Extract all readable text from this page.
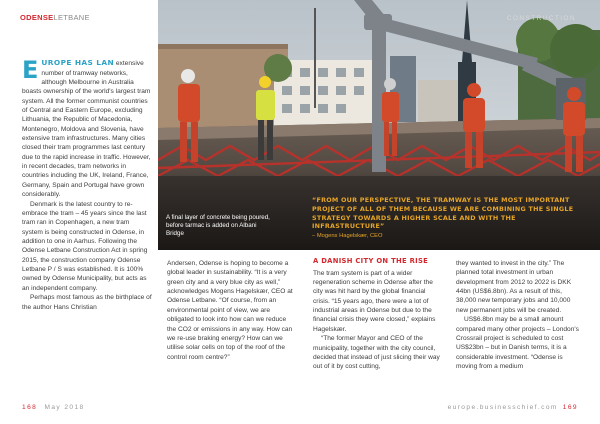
ODENSELETBANE	CONSTRUCTION
A final layer of concrete being poured, before tarmac is added on Albani Bridge
“FROM OUR PERSPECTIVE, THE TRAMWAY IS THE MOST IMPORTANT PROJECT OF ALL OF THEM BECAUSE WE ARE COMBINING THE SINGLE STRATEGY TOWARDS A HIGHER SCALE AND WITH THE INFRASTRUCTURE”
– Mogens Hagelskær, CEO

EUROPE HAS LAN extensive number of tramway networks, although Melbourne in Australia boasts ownership of the world's largest tram system. All the former communist countries of Central and Eastern Europe, excluding Lithuania, the Republic of Macedonia, Montenegro, Moldova and Slovenia, have extensive tram infrastructures. Many cities closed their tram programmes last century due to the rapid increase in traffic. However, in recent decades, tram networks in countries including the UK, Ireland, France, Germany, Spain and Portugal have grown considerably.

Denmark is the latest country to re-embrace the tram – 45 years since the last tram ran in Copenhagen, a new tram system is being constructed in Odense, in addition to one in Aarhus. Following the Odense Letbane Construction Act in spring 2015, the construction company Odense Letbane P / S was established. It is 100% owned by Odense Municipality, but acts as an independent company.

Perhaps most famous as the birthplace of the author Hans Christian

Andersen, Odense is hoping to become a global leader in sustainability. “It is a very green city and a very blue city as well,” acknowledges Mogens Hagelskær, CEO at Odense Letbane. “Of course, from an environmental point of view, we are obligated to look into how can we reduce the CO2 or emissions in any way. How can we re-use braking energy? How can we utilise solar cells on top of the roof of the control room centre?”

A DANISH CITY ON THE RISE

The tram system is part of a wider regeneration scheme in Odense after the city was hit hard by the global financial crisis. “15 years ago, there were a lot of industrial areas in Odense but due to the financial crisis they were closed,” explains Hagelskær.

“The former Mayor and CEO of the municipality, together with the city council, decided that instead of just slicing their way out of it by cost cutting,

they wanted to invest in the city.” The planned total investment in urban development from 2012 to 2022 is DKK 44bn (US$6.8bn). As a result of this, 38,000 new temporary jobs and 10,000 new permanent jobs will be created.

US$6.8bn may be a small amount compared many other projects – London's Crossrail project is scheduled to cost US$23bn – but in Danish terms, it is a considerable investment. “Odense is moving from a medium

168 May 2018	europe.businesschief.com 169
